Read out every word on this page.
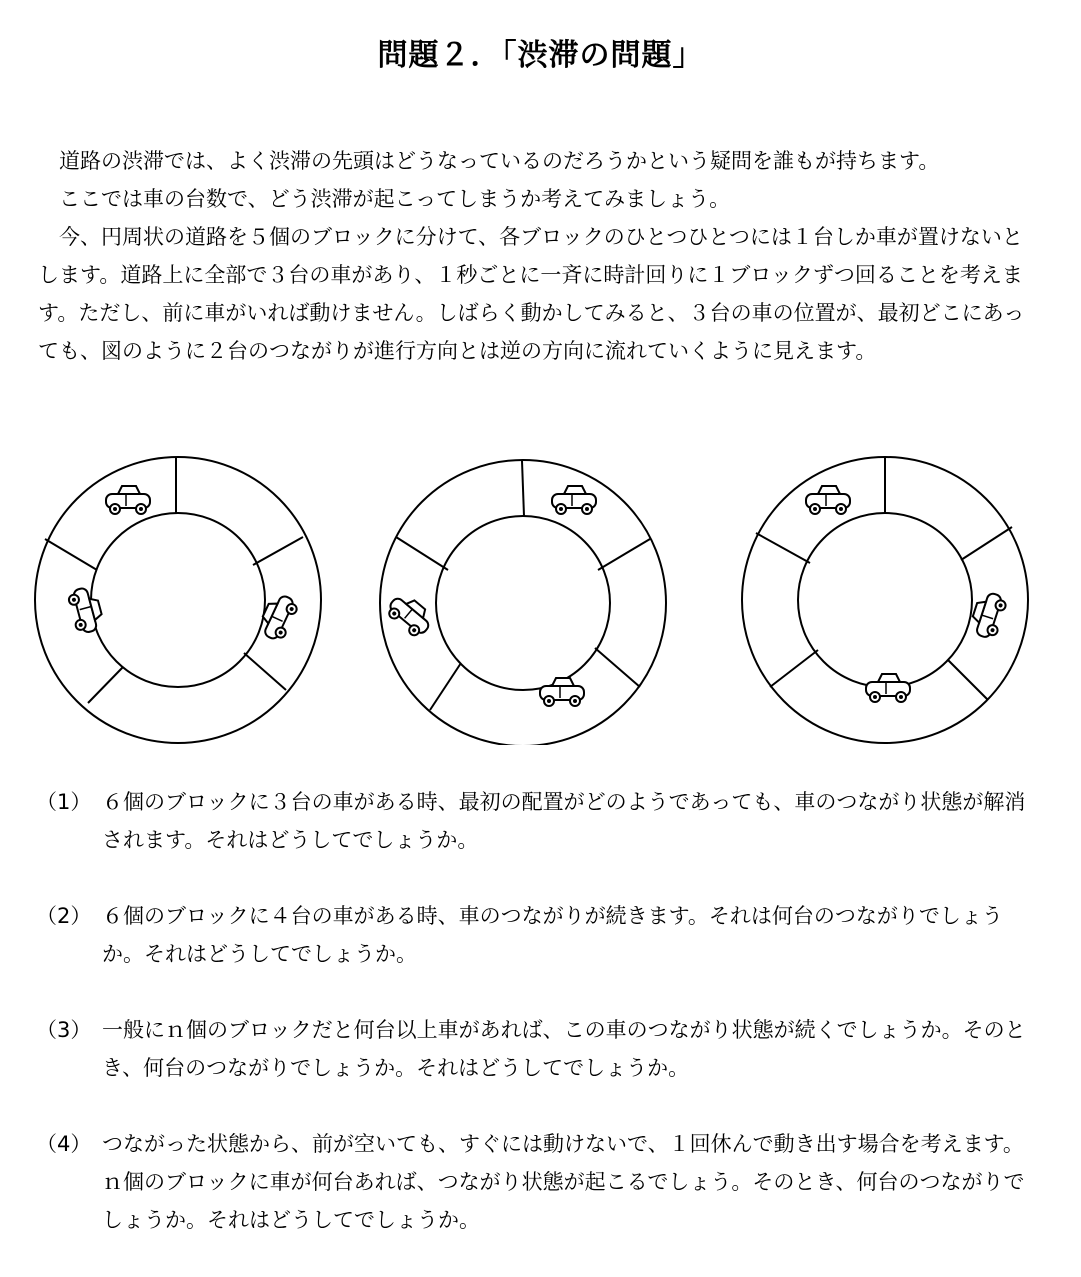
問題２．「渋滞の問題」

道路の渋滞では、よく渋滞の先頭はどうなっているのだろうかという疑問を誰もが持ちます。

ここでは車の台数で、どう渋滞が起こってしまうか考えてみましょう。

今、円周状の道路を５個のブロックに分けて、各ブロックのひとつひとつには１台しか車が置けないとします。道路上に全部で３台の車があり、１秒ごとに一斉に時計回りに１ブロックずつ回ることを考えます。ただし、前に車がいれば動けません。しばらく動かしてみると、３台の車の位置が、最初どこにあっても、図のように２台のつながりが進行方向とは逆の方向に流れていくように見えます。

（1） ６個のブロックに３台の車がある時、最初の配置がどのようであっても、車のつながり状態が解消されます。それはどうしてでしょうか。
（2） ６個のブロックに４台の車がある時、車のつながりが続きます。それは何台のつながりでしょうか。それはどうしてでしょうか。
（3） 一般にｎ個のブロックだと何台以上車があれば、この車のつながり状態が続くでしょうか。そのとき、何台のつながりでしょうか。それはどうしてでしょうか。
（4） つながった状態から、前が空いても、すぐには動けないで、１回休んで動き出す場合を考えます。ｎ個のブロックに車が何台あれば、つながり状態が起こるでしょう。そのとき、何台のつながりでしょうか。それはどうしてでしょうか。
